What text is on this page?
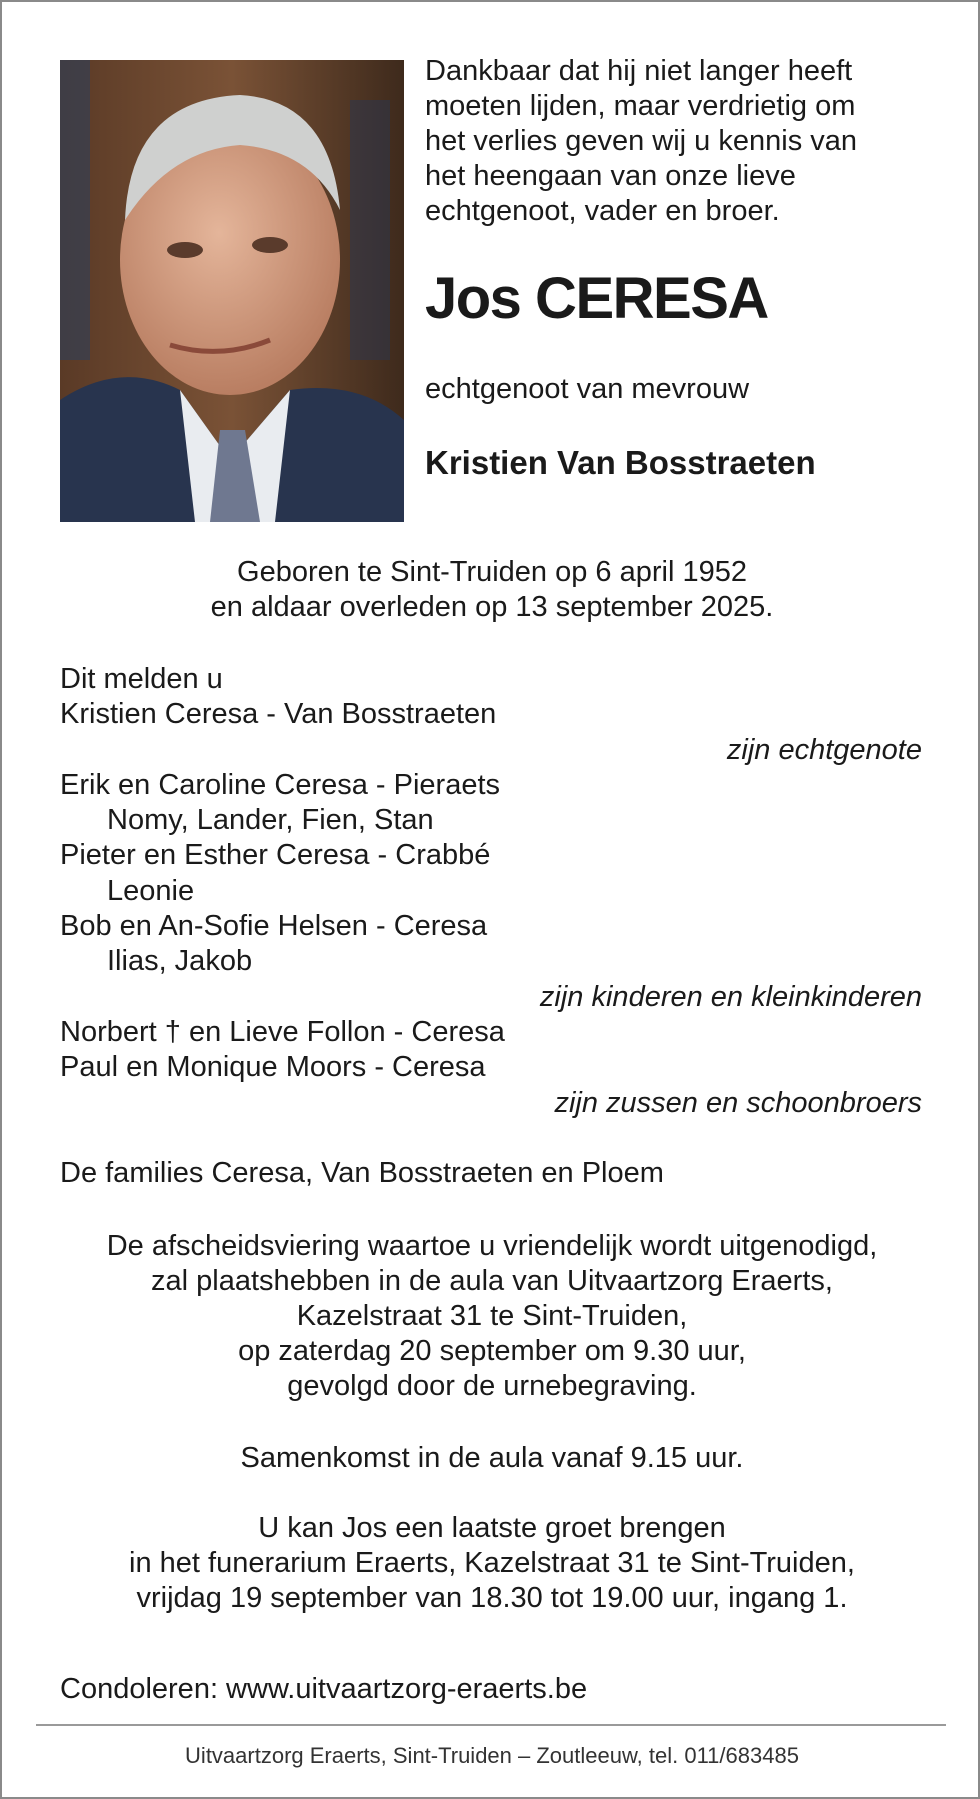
Dankbaar dat hij niet langer heeft
moeten lijden, maar verdrietig om
het verlies geven wij u kennis van
het heengaan van onze lieve
echtgenoot, vader en broer.

Jos CERESA

echtgenoot van mevrouw

Kristien Van Bosstraeten

Geboren te Sint-Truiden op 6 april 1952
en aldaar overleden op 13 september 2025.

Dit melden u
Kristien Ceresa - Van Bosstraeten
zijn echtgenote
Erik en Caroline Ceresa - Pieraets
Nomy, Lander, Fien, Stan
Pieter en Esther Ceresa - Crabbé
Leonie
Bob en An-Sofie Helsen - Ceresa
Ilias, Jakob
zijn kinderen en kleinkinderen
Norbert † en Lieve Follon - Ceresa
Paul en Monique Moors - Ceresa
zijn zussen en schoonbroers

De families Ceresa, Van Bosstraeten en Ploem

De afscheidsviering waartoe u vriendelijk wordt uitgenodigd,
zal plaatshebben in de aula van Uitvaartzorg Eraerts,
Kazelstraat 31 te Sint-Truiden,
op zaterdag 20 september om 9.30 uur,
gevolgd door de urnebegraving.

Samenkomst in de aula vanaf 9.15 uur.

U kan Jos een laatste groet brengen
in het funerarium Eraerts, Kazelstraat 31 te Sint-Truiden,
vrijdag 19 september van 18.30 tot 19.00 uur, ingang 1.

Condoleren: www.uitvaartzorg-eraerts.be

Uitvaartzorg Eraerts, Sint-Truiden – Zoutleeuw, tel. 011/683485
